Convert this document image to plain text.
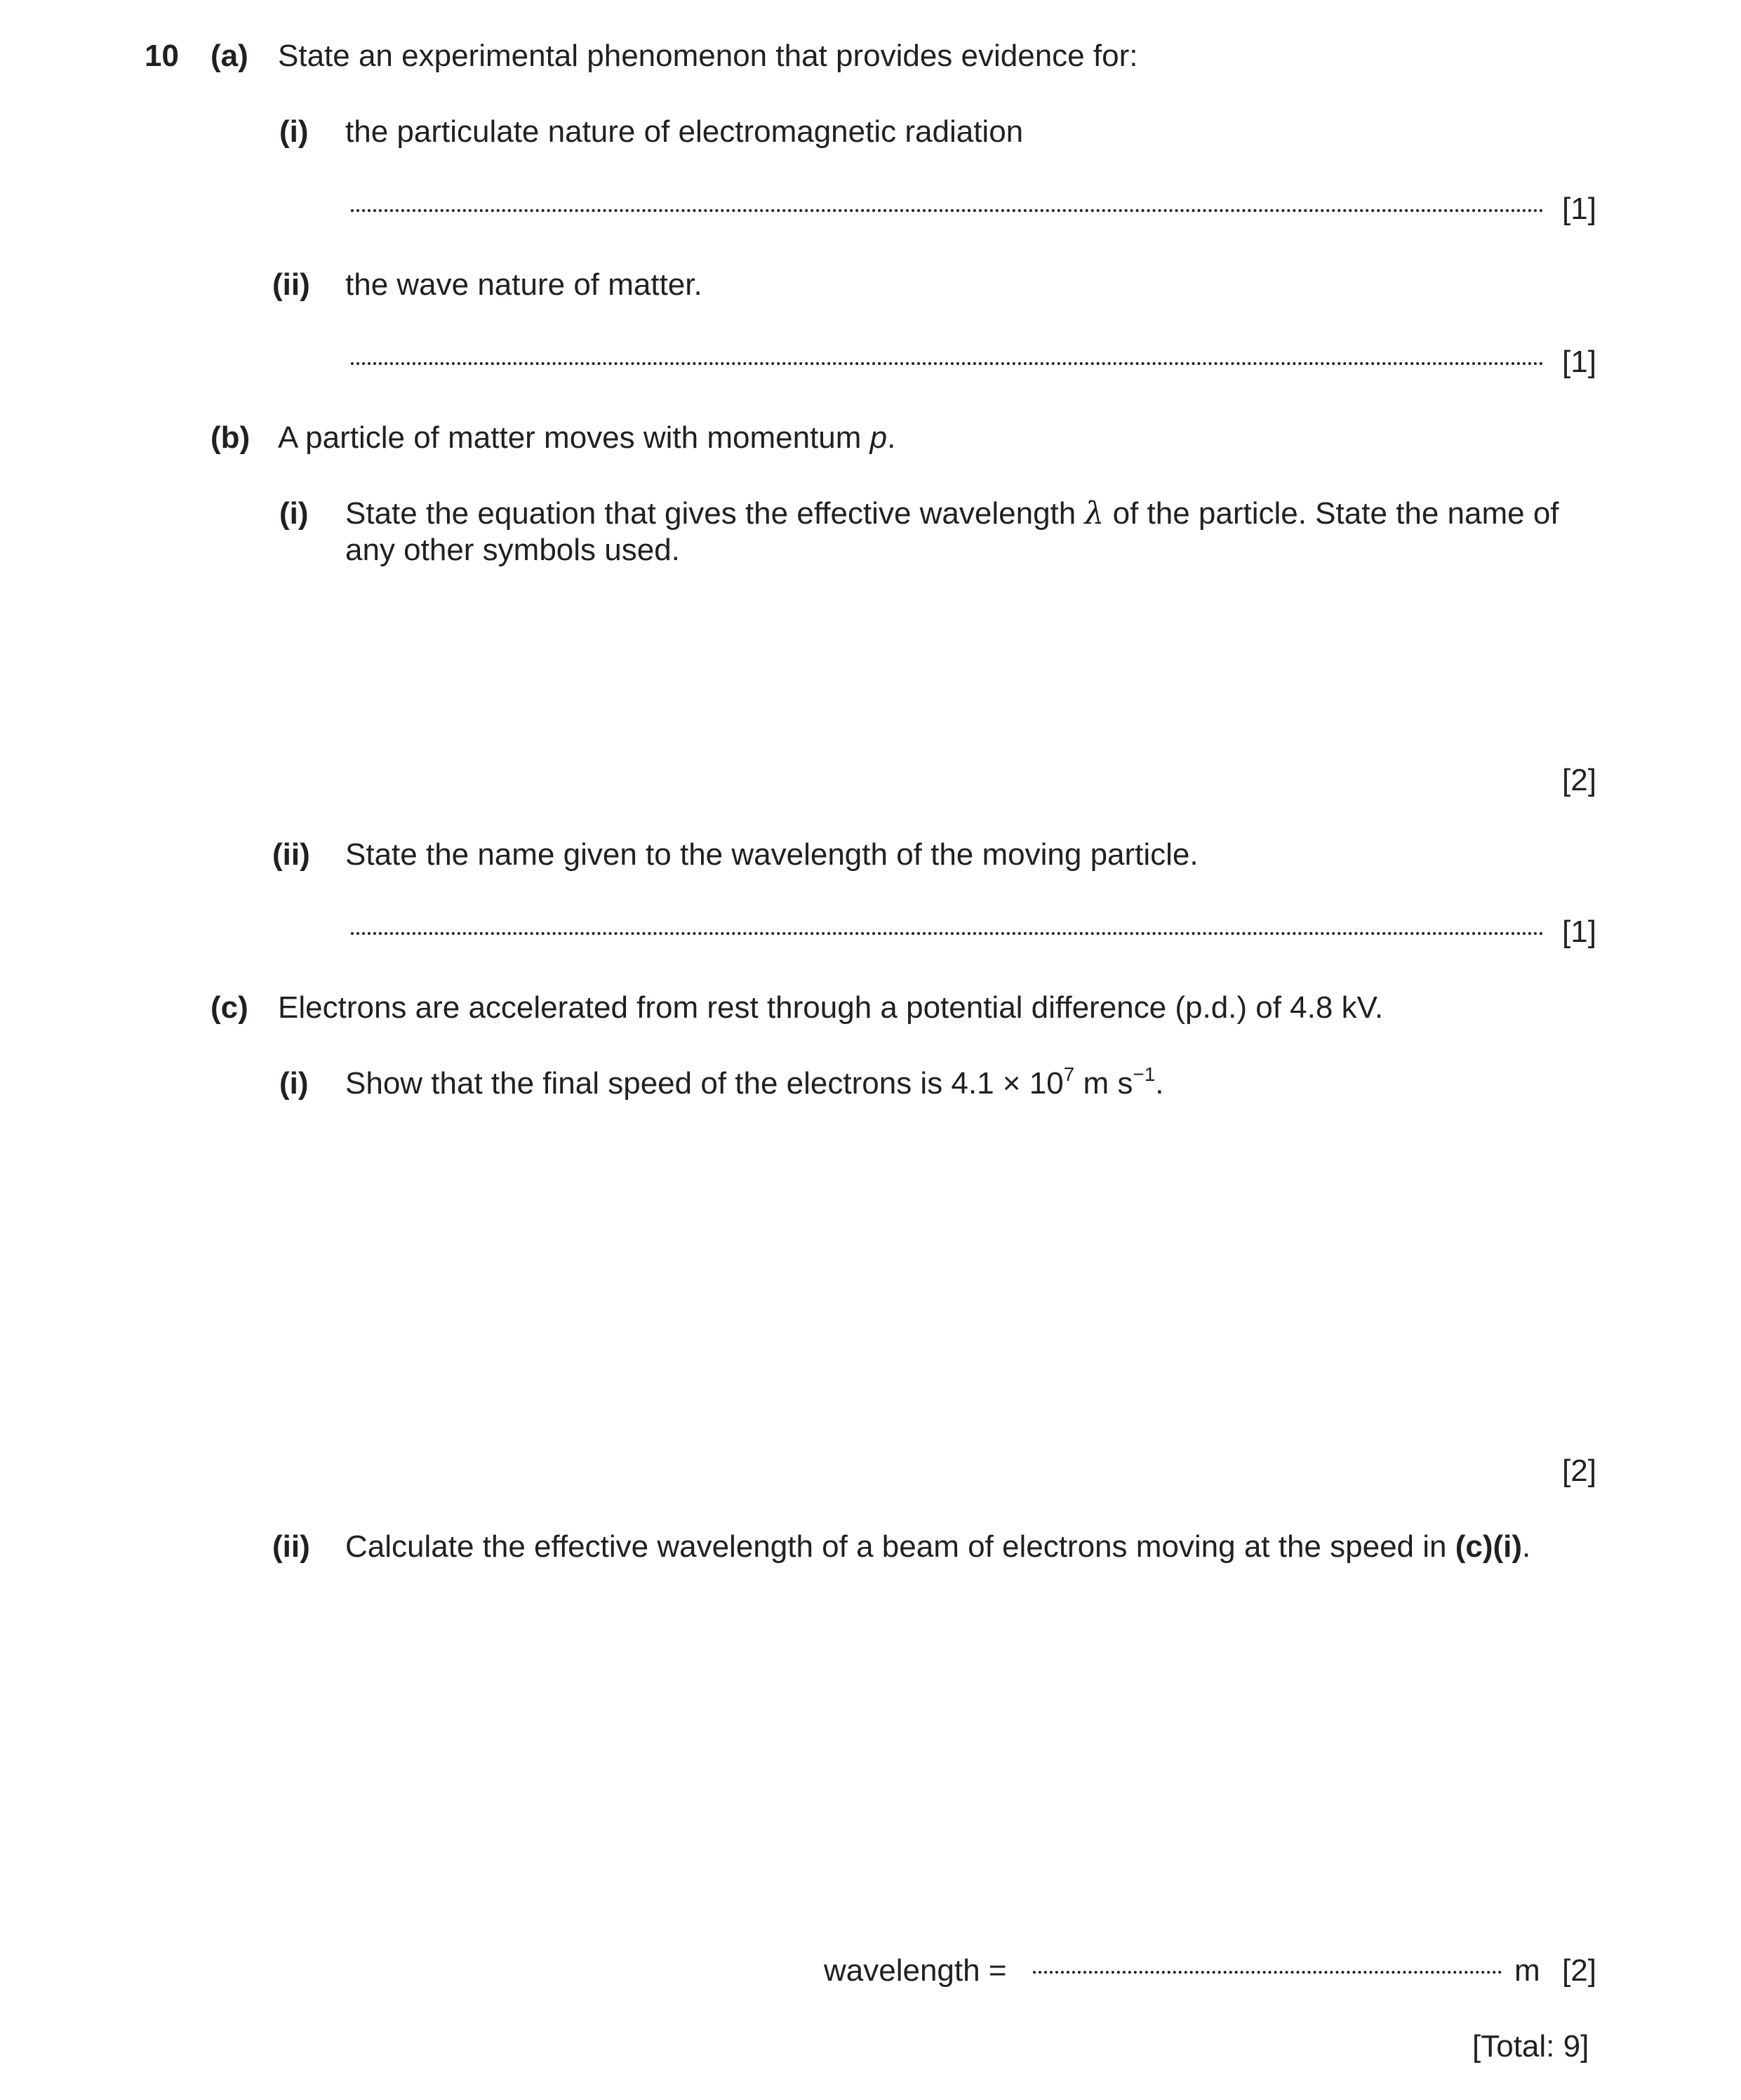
10 (a) State an experimental phenomenon that provides evidence for:
(i) the particulate nature of electromagnetic radiation
[1]
(ii) the wave nature of matter.
[1]
(b) A particle of matter moves with momentum p.
(i) State the equation that gives the effective wavelength λ of the particle. State the name of
any other symbols used.
[2]
(ii) State the name given to the wavelength of the moving particle.
[1]
(c) Electrons are accelerated from rest through a potential difference (p.d.) of 4.8 kV.
(i) Show that the final speed of the electrons is $4.1 \times 10^7$ m $s^{-1}$.
[2]
(ii) Calculate the effective wavelength of a beam of electrons moving at the speed in (c)(i).
wavelength =	m [2]
[Total: 9]
